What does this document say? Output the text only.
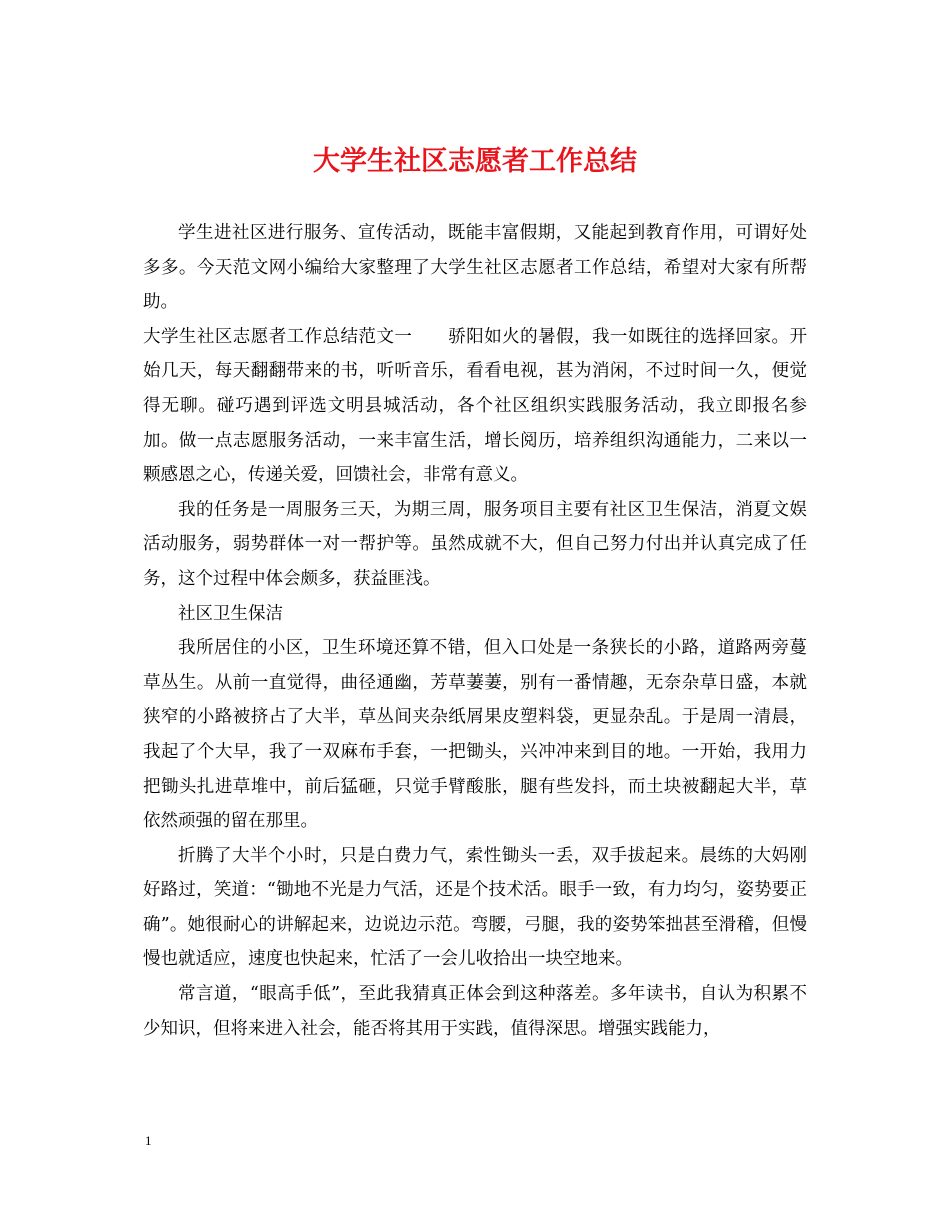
大学生社区志愿者工作总结

学生进社区进行服务、宣传活动，既能丰富假期，又能起到教育作用，可谓好处多多。今天范文网小编给大家整理了大学生社区志愿者工作总结，希望对大家有所帮助。

大学生社区志愿者工作总结范文一　　骄阳如火的暑假，我一如既往的选择回家。开始几天，每天翻翻带来的书，听听音乐，看看电视，甚为消闲，不过时间一久，便觉得无聊。碰巧遇到评选文明县城活动，各个社区组织实践服务活动，我立即报名参加。做一点志愿服务活动，一来丰富生活，增长阅历，培养组织沟通能力，二来以一颗感恩之心，传递关爱，回馈社会，非常有意义。

我的任务是一周服务三天，为期三周，服务项目主要有社区卫生保洁，消夏文娱活动服务，弱势群体一对一帮护等。虽然成就不大，但自己努力付出并认真完成了任务，这个过程中体会颇多，获益匪浅。

社区卫生保洁

我所居住的小区，卫生环境还算不错，但入口处是一条狭长的小路，道路两旁蔓草丛生。从前一直觉得，曲径通幽，芳草萋萋，别有一番情趣，无奈杂草日盛，本就狭窄的小路被挤占了大半，草丛间夹杂纸屑果皮塑料袋，更显杂乱。于是周一清晨，我起了个大早，我了一双麻布手套，一把锄头，兴冲冲来到目的地。一开始，我用力把锄头扎进草堆中，前后猛砸，只觉手臂酸胀，腿有些发抖，而土块被翻起大半，草依然顽强的留在那里。

折腾了大半个小时，只是白费力气，索性锄头一丢，双手拔起来。晨练的大妈刚好路过，笑道：“锄地不光是力气活，还是个技术活。眼手一致，有力均匀，姿势要正确”。她很耐心的讲解起来，边说边示范。弯腰，弓腿，我的姿势笨拙甚至滑稽，但慢慢也就适应，速度也快起来，忙活了一会儿收拾出一块空地来。

常言道，“眼高手低”，至此我猜真正体会到这种落差。多年读书，自认为积累不少知识，但将来进入社会，能否将其用于实践，值得深思。增强实践能力，

1
